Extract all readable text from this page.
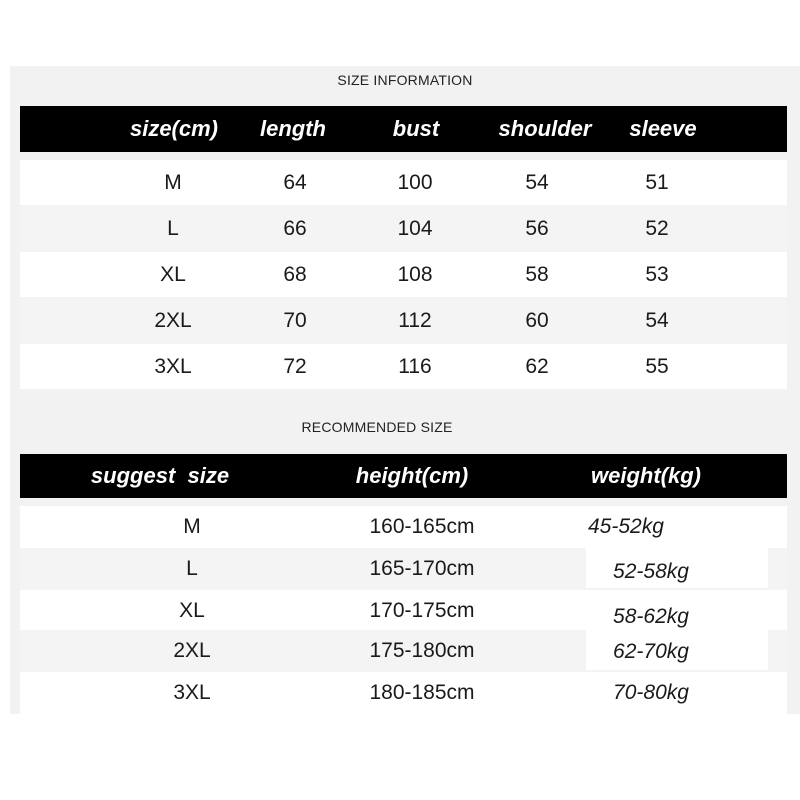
SIZE INFORMATION
size(cm)	length	bust	shoulder	sleeve
M	64	100	54	51
L	66	104	56	52
XL	68	108	58	53
2XL	70	112	60	54
3XL	72	116	62	55
RECOMMENDED SIZE
suggest  size	height(cm)	weight(kg)
M	160-165cm	45-52kg
L	165-170cm	52-58kg
XL	170-175cm	58-62kg
2XL	175-180cm	62-70kg
3XL	180-185cm	70-80kg
